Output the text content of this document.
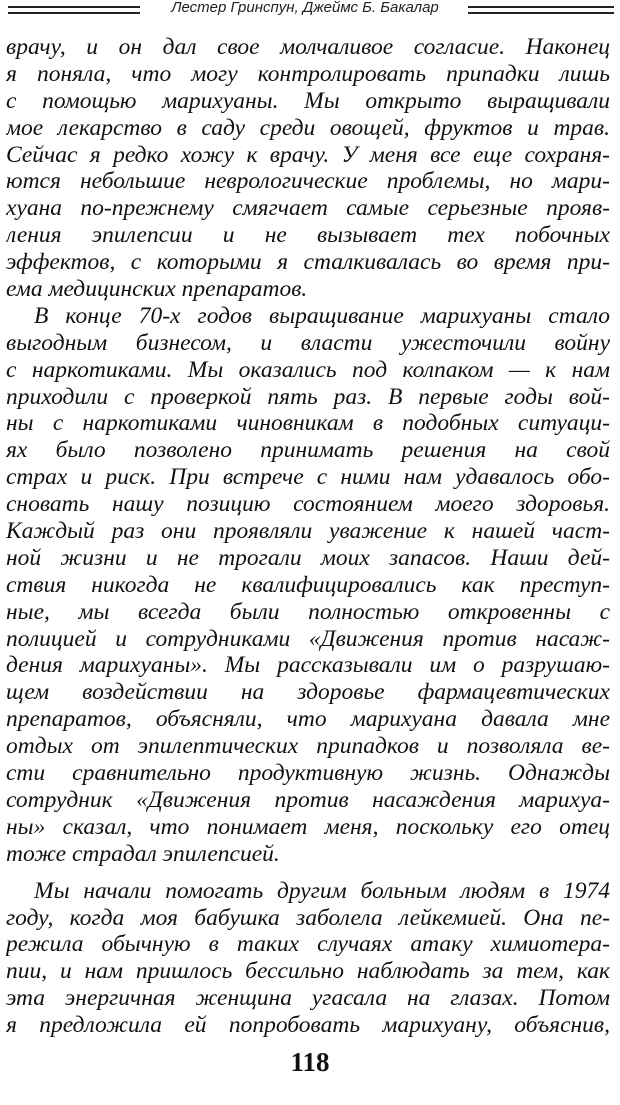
Лестер Гринспун, Джеймс Б. Бакалар
врачу, и он дал свое молчаливое согласие. Наконец
я поняла, что могу контролировать припадки лишь
с помощью марихуаны. Мы открыто выращивали
мое лекарство в саду среди овощей, фруктов и трав.
Сейчас я редко хожу к врачу. У меня все еще сохраня-
ются небольшие неврологические проблемы, но мари-
хуана по-прежнему смягчает самые серьезные прояв-
ления эпилепсии и не вызывает тех побочных
эффектов, с которыми я сталкивалась во время при-
ема медицинских препаратов.
В конце 70-х годов выращивание марихуаны стало
выгодным бизнесом, и власти ужесточили войну
с наркотиками. Мы оказались под колпаком — к нам
приходили с проверкой пять раз. В первые годы вой-
ны с наркотиками чиновникам в подобных ситуаци-
ях было позволено принимать решения на свой
страх и риск. При встрече с ними нам удавалось обо-
сновать нашу позицию состоянием моего здоровья.
Каждый раз они проявляли уважение к нашей част-
ной жизни и не трогали моих запасов. Наши дей-
ствия никогда не квалифицировались как преступ-
ные, мы всегда были полностью откровенны с
полицией и сотрудниками «Движения против насаж-
дения марихуаны». Мы рассказывали им о разрушаю-
щем воздействии на здоровье фармацевтических
препаратов, объясняли, что марихуана давала мне
отдых от эпилептических припадков и позволяла ве-
сти сравнительно продуктивную жизнь. Однажды
сотрудник «Движения против насаждения марихуа-
ны» сказал, что понимает меня, поскольку его отец
тоже страдал эпилепсией.
Мы начали помогать другим больным людям в 1974
году, когда моя бабушка заболела лейкемией. Она пе-
режила обычную в таких случаях атаку химиотера-
пии, и нам пришлось бессильно наблюдать за тем, как
эта энергичная женщина угасала на глазах. Потом
я предложила ей попробовать марихуану, объяснив,
118
